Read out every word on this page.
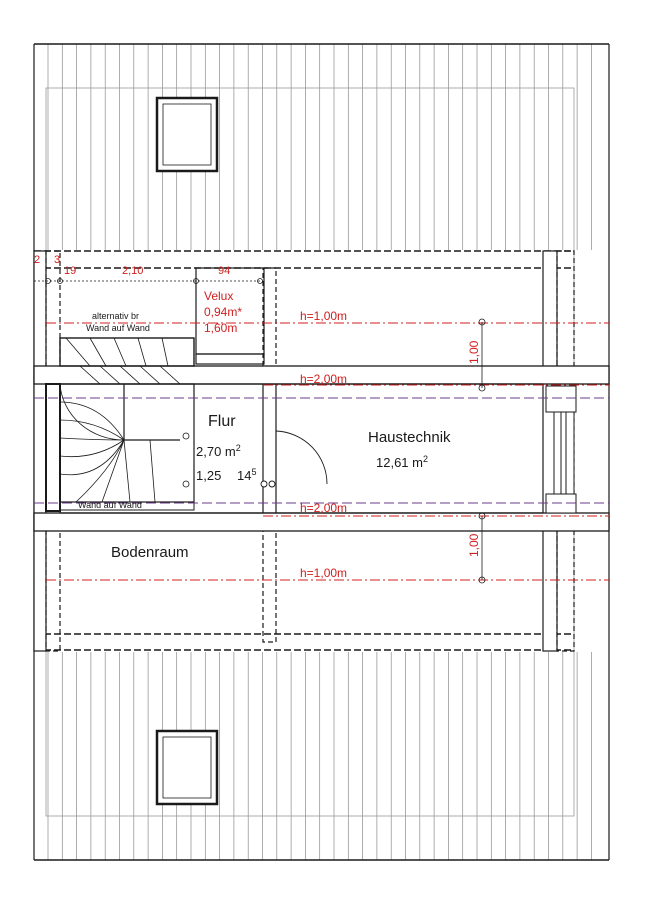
2 3
19	2,10	94
Velux
0,94m*
1,60m
alternativ br
Wand auf Wand
Wand auf Wand
h=1,00m
h=2,00m
h=2,00m
h=1,00m
1,00
1,00
Flur
2,70 $m^2$
1,25 $14^5$
Haustechnik
12,61 $m^2$
Bodenraum
